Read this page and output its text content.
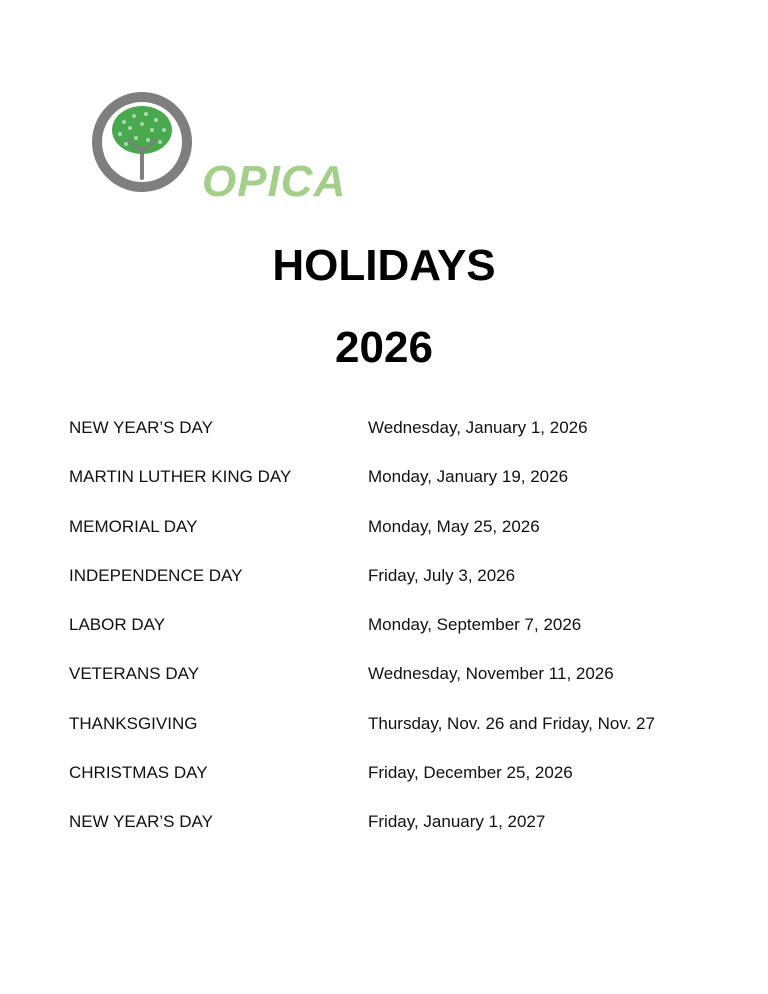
OPICA
HOLIDAYS
2026
NEW YEAR’S DAY	Wednesday, January 1, 2026
MARTIN LUTHER KING DAY	Monday, January 19, 2026
MEMORIAL DAY	Monday, May 25, 2026
INDEPENDENCE DAY	Friday, July 3, 2026
LABOR DAY	Monday, September 7, 2026
VETERANS DAY	Wednesday, November 11, 2026
THANKSGIVING	Thursday, Nov. 26 and Friday, Nov. 27
CHRISTMAS DAY	Friday, December 25, 2026
NEW YEAR’S DAY	Friday, January 1, 2027
